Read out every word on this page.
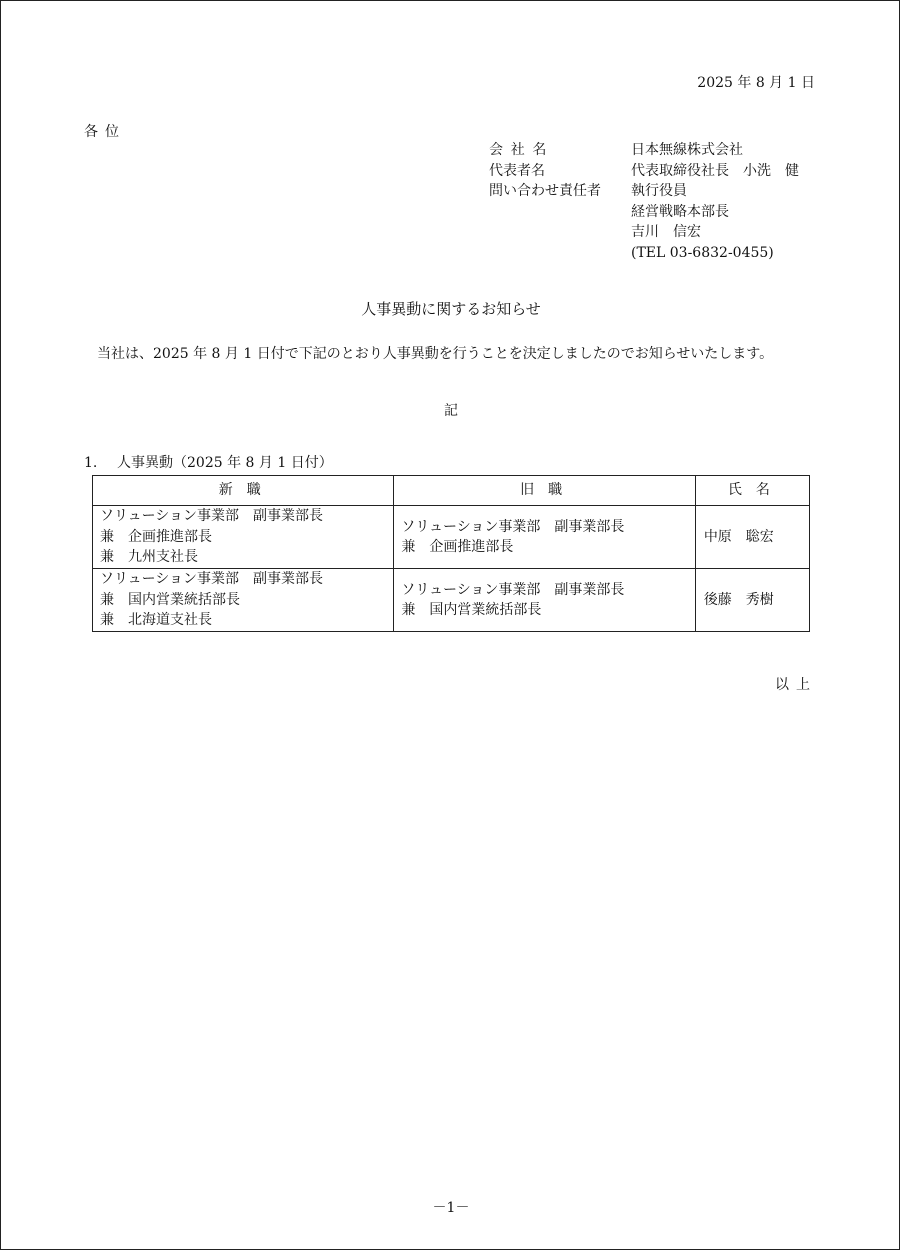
2025 年 8 月 1 日
各位
会社名	日本無線株式会社
代表者名	代表取締役社長　小洗　健
問い合わせ責任者	執行役員
経営戦略本部長
吉川　信宏
(TEL 03-6832-0455)
人事異動に関するお知らせ
当社は、2025 年 8 月 1 日付で下記のとおり人事異動を行うことを決定しましたのでお知らせいたします。
記
1. 人事異動（2025 年 8 月 1 日付）
新職	旧職	氏名

ソリューション事業部　副事業部長
兼　企画推進部長
兼　九州支社長	ソリューション事業部　副事業部長
兼　企画推進部長	中原　聡宏

ソリューション事業部　副事業部長
兼　国内営業統括部長
兼　北海道支社長	ソリューション事業部　副事業部長
兼　国内営業統括部長	後藤　秀樹
以上
－1－
